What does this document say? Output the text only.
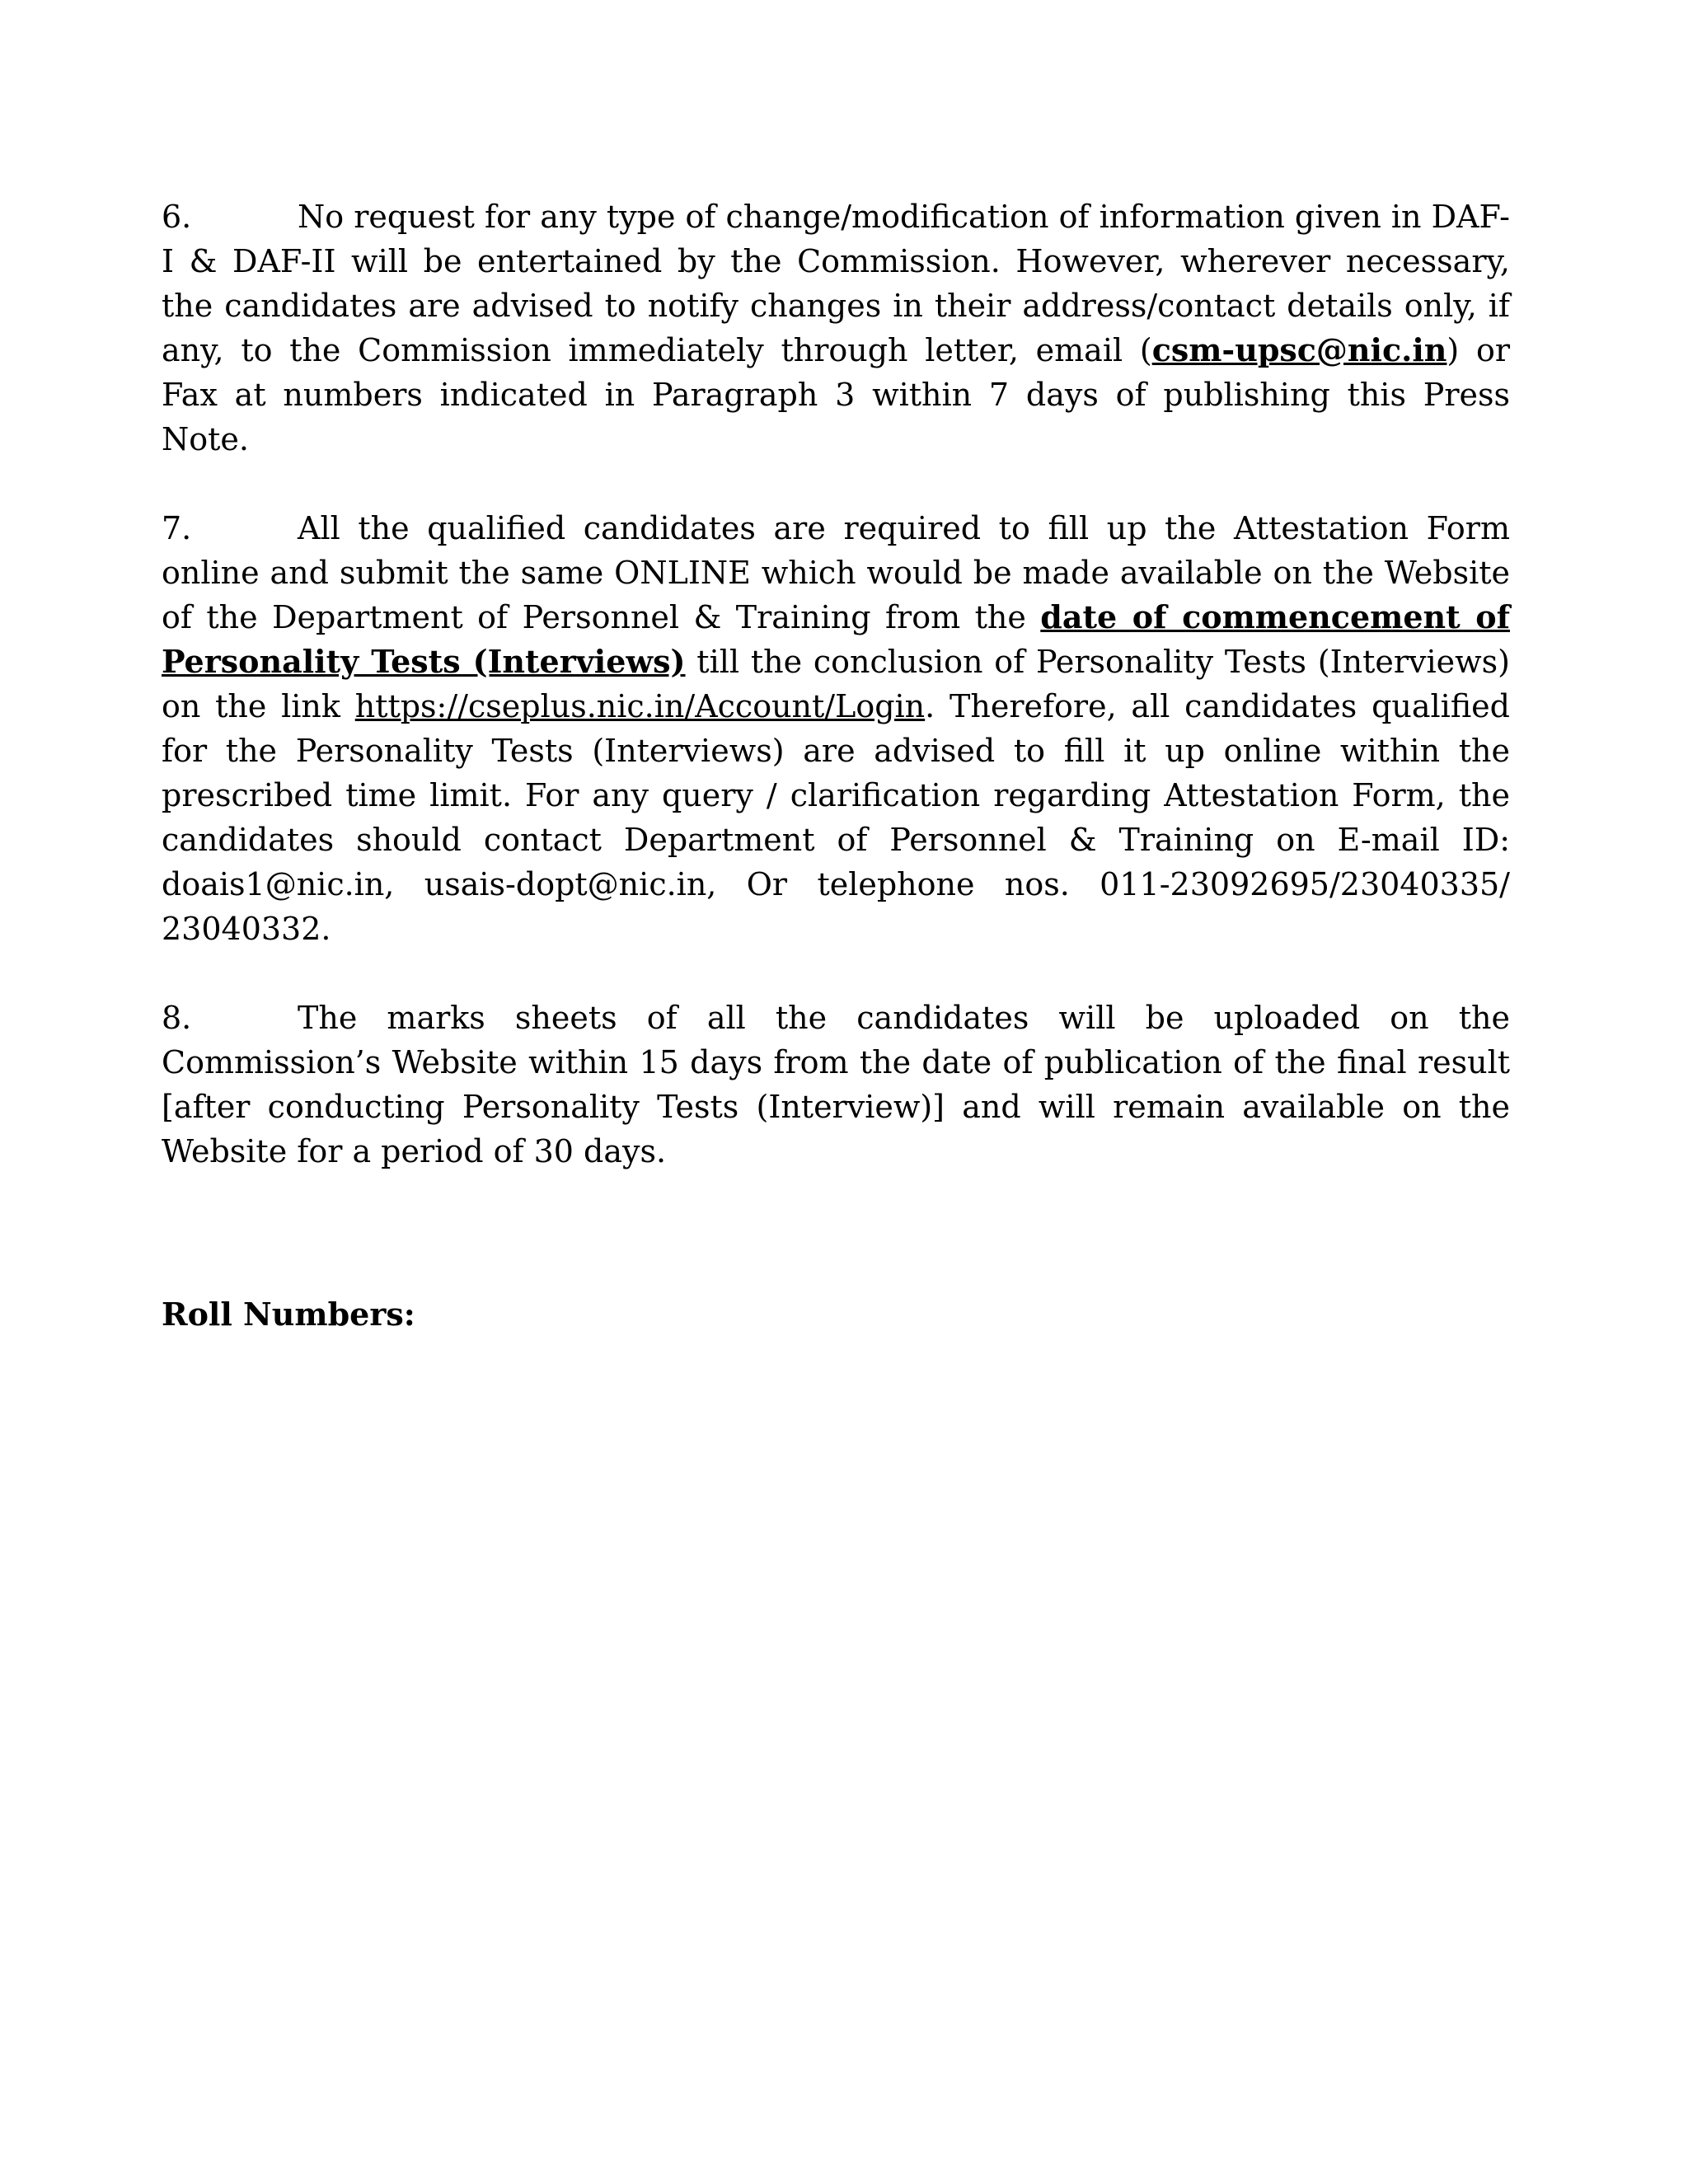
6.	No request for any type of change/modification of information given in DAF-I & DAF-II will be entertained by the Commission. However, wherever necessary, the candidates are advised to notify changes in their address/contact details only, if any, to the Commission immediately through letter, email (csm-upsc@nic.in) or Fax at numbers indicated in Paragraph 3 within 7 days of publishing this Press Note.

7.	All the qualified candidates are required to fill up the Attestation Form online and submit the same ONLINE which would be made available on the Website of the Department of Personnel & Training from the date of commencement of Personality Tests (Interviews) till the conclusion of Personality Tests (Interviews) on the link https://cseplus.nic.in/Account/Login. Therefore, all candidates qualified for the Personality Tests (Interviews) are advised to fill it up online within the prescribed time limit. For any query / clarification regarding Attestation Form, the candidates should contact Department of Personnel & Training on E-mail ID: doais1@nic.in, usais-dopt@nic.in, Or telephone nos. 011-23092695/23040335/ 23040332.

8.	The marks sheets of all the candidates will be uploaded on the Commission’s Website within 15 days from the date of publication of the final result [after conducting Personality Tests (Interview)] and will remain available on the Website for a period of 30 days.

Roll Numbers:
